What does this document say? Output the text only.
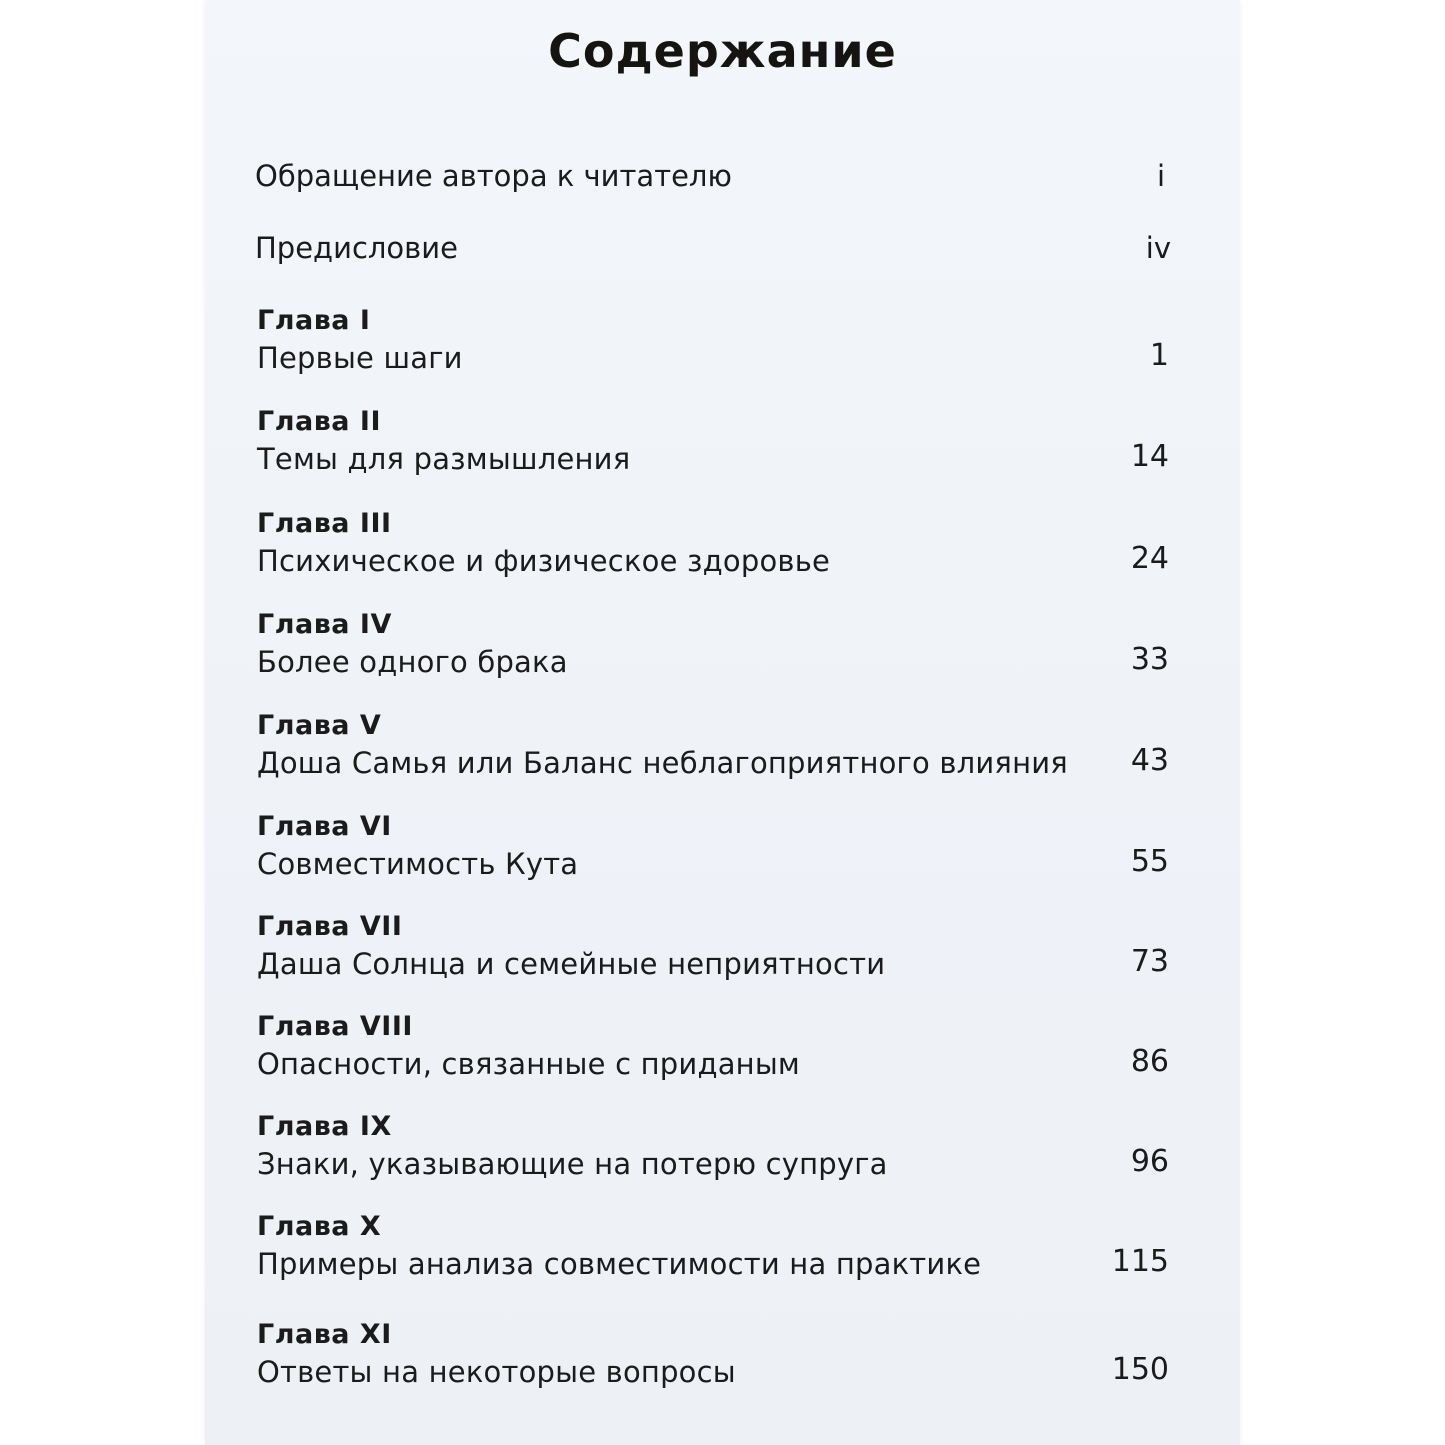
Содержание
Обращение автора к читателю	i
Предисловие	iv
Глава I
Первые шаги	1
Глава II
Темы для размышления	14
Глава III
Психическое и физическое здоровье	24
Глава IV
Более одного брака	33
Глава V
Доша Самья или Баланс неблагоприятного влияния	43
Глава VI
Совместимость Кута	55
Глава VII
Даша Солнца и семейные неприятности	73
Глава VIII
Опасности, связанные с приданым	86
Глава IX
Знаки, указывающие на потерю супруга	96
Глава X
Примеры анализа совместимости на практике	115
Глава XI
Ответы на некоторые вопросы	150
